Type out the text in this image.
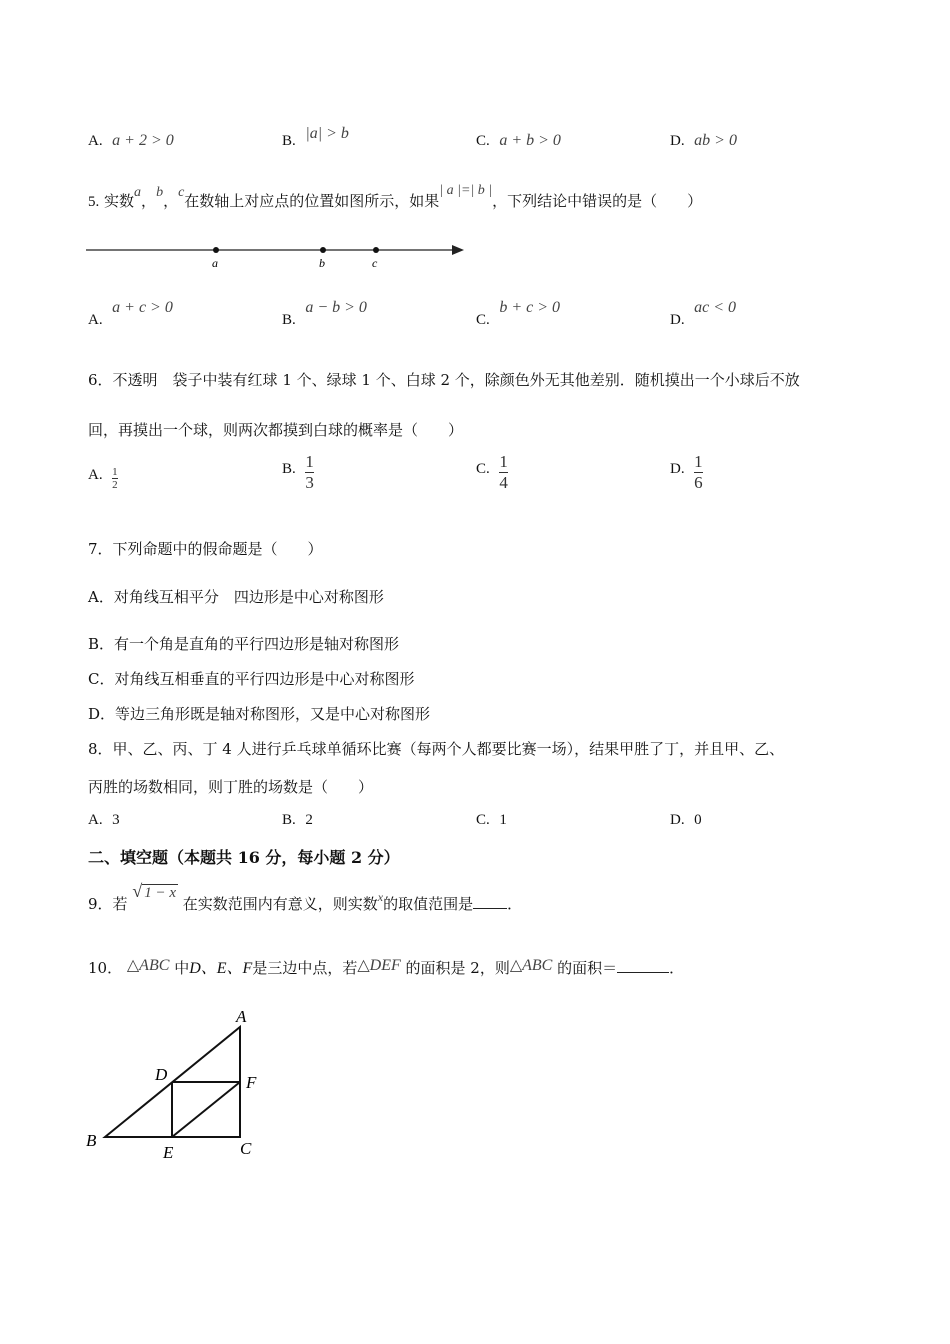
A. a + 2 > 0	B. |a| > b	C. a + b > 0	D. ab > 0
5. 实数a，b，c在数轴上对应点的位置如图所示，如果| a |=| b |，下列结论中错误的是（　　）
a	b	c
A.  a + c > 0
B.  a − b > 0
C.  b + c > 0
D.  ac < 0
6．不透明　袋子中装有红球 1 个、绿球 1 个、白球 2 个，除颜色外无其他差别．随机摸出一个小球后不放
回，再摸出一个球，则两次都摸到白球的概率是（　　）
A. $\frac{1}{2}$	B. $\frac{1}{3}$	C. $\frac{1}{4}$	D. $\frac{1}{6}$
7．下列命题中的假命题是（　　）
A．对角线互相平分　四边形是中心对称图形
B．有一个角是直角的平行四边形是轴对称图形
C．对角线互相垂直的平行四边形是中心对称图形
D．等边三角形既是轴对称图形，又是中心对称图形
8．甲、乙、丙、丁 4 人进行乒乓球单循环比赛（每两个人都要比赛一场），结果甲胜了丁，并且甲、乙、
丙胜的场数相同，则丁胜的场数是（　　）
A. 3	B. 2	C. 1	D. 0
二、填空题（本题共 16 分，每小题 2 分）
9．若 √ 1 − x 在实数范围内有意义，则实数$^x$的取值范围是 ．
10． △ABC 中D、E、F是三边中点，若△DEF 的面积是 2，则△ABC 的面积＝	．
A
B	C
D
E
F
